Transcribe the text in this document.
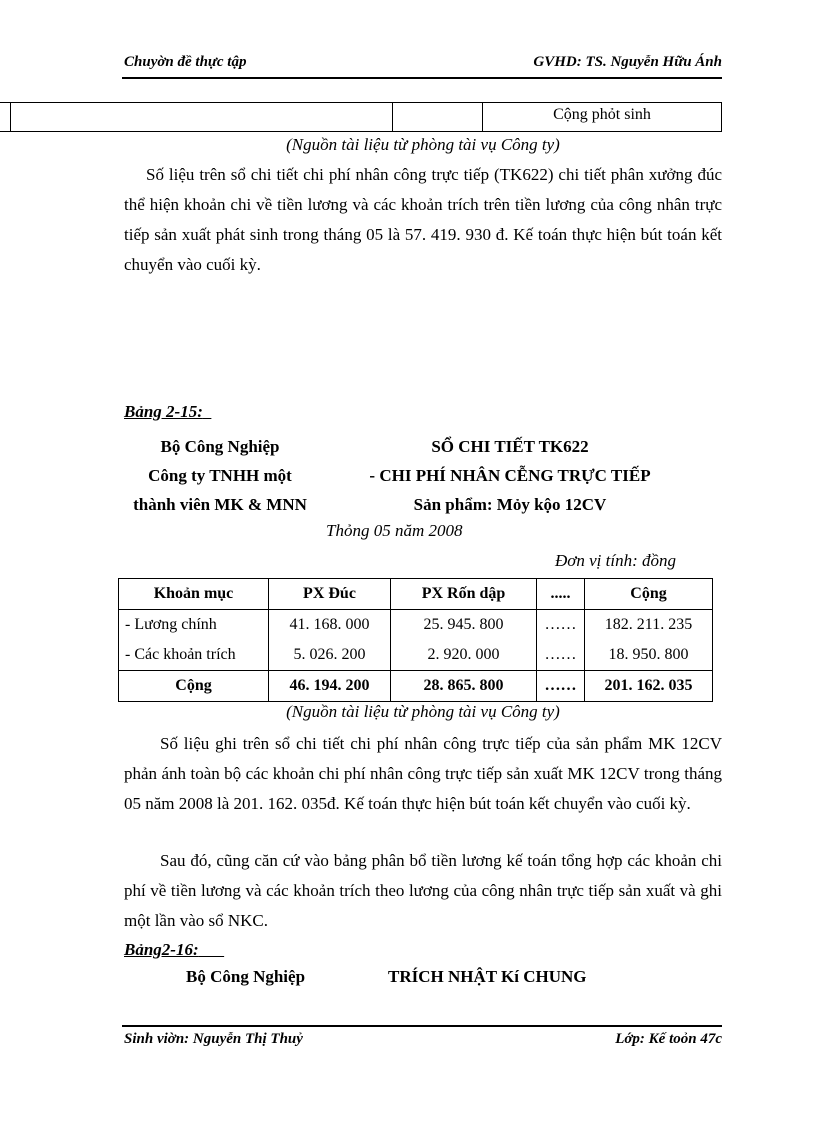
Chuyờn đề thực tập	GVHD: TS. Nguyễn Hữu Ánh
Cộng phỏt sinh
(Nguồn tài liệu từ phòng tài vụ Công ty)
Số liệu trên sổ chi tiết chi phí nhân công trực tiếp (TK622) chi tiết phân xưởng đúc thể hiện khoản chi về tiền lương và các khoản trích trên tiền lương của công nhân trực tiếp sản xuất phát sinh trong tháng 05 là 57. 419. 930 đ. Kế toán thực hiện bút toán kết chuyển vào cuối kỳ.
Bảng 2-15:
Bộ Công Nghiệp
Công ty TNHH một
thành viên MK & MNN
SỔ CHI TIẾT TK622
- CHI PHÍ NHÂN CỄNG TRỰC TIẾP
Sản phẩm: Mỏy kộo 12CV
Thỏng 05 năm 2008
Đơn vị tính: đồng
Khoản mục	PX Đúc	PX Rốn dập	.....	Cộng
- Lương chính	41. 168. 000	25. 945. 800	……	182. 211. 235
- Các khoản trích	5. 026. 200	2. 920. 000	……	18. 950. 800
Cộng	46. 194. 200	28. 865. 800	……	201. 162. 035
(Nguồn tài liệu từ phòng tài vụ Công ty)
Số liệu ghi trên sổ chi tiết chi phí nhân công trực tiếp của sản phẩm MK 12CV phản ánh toàn bộ các khoản chi phí nhân công trực tiếp sản xuất MK 12CV trong tháng 05 năm 2008 là 201. 162. 035đ. Kế toán thực hiện bút toán kết chuyển vào cuối kỳ.
Sau đó, cũng căn cứ vào bảng phân bổ tiền lương kế toán tổng hợp các khoản chi phí về tiền lương và các khoản trích theo lương của công nhân trực tiếp sản xuất và ghi một lần vào sổ NKC.
Bảng2-16:
Bộ Công Nghiệp	TRÍCH NHẬT Kí CHUNG
Sinh viờn: Nguyễn Thị Thuỷ	Lớp: Kế toỏn 47c
